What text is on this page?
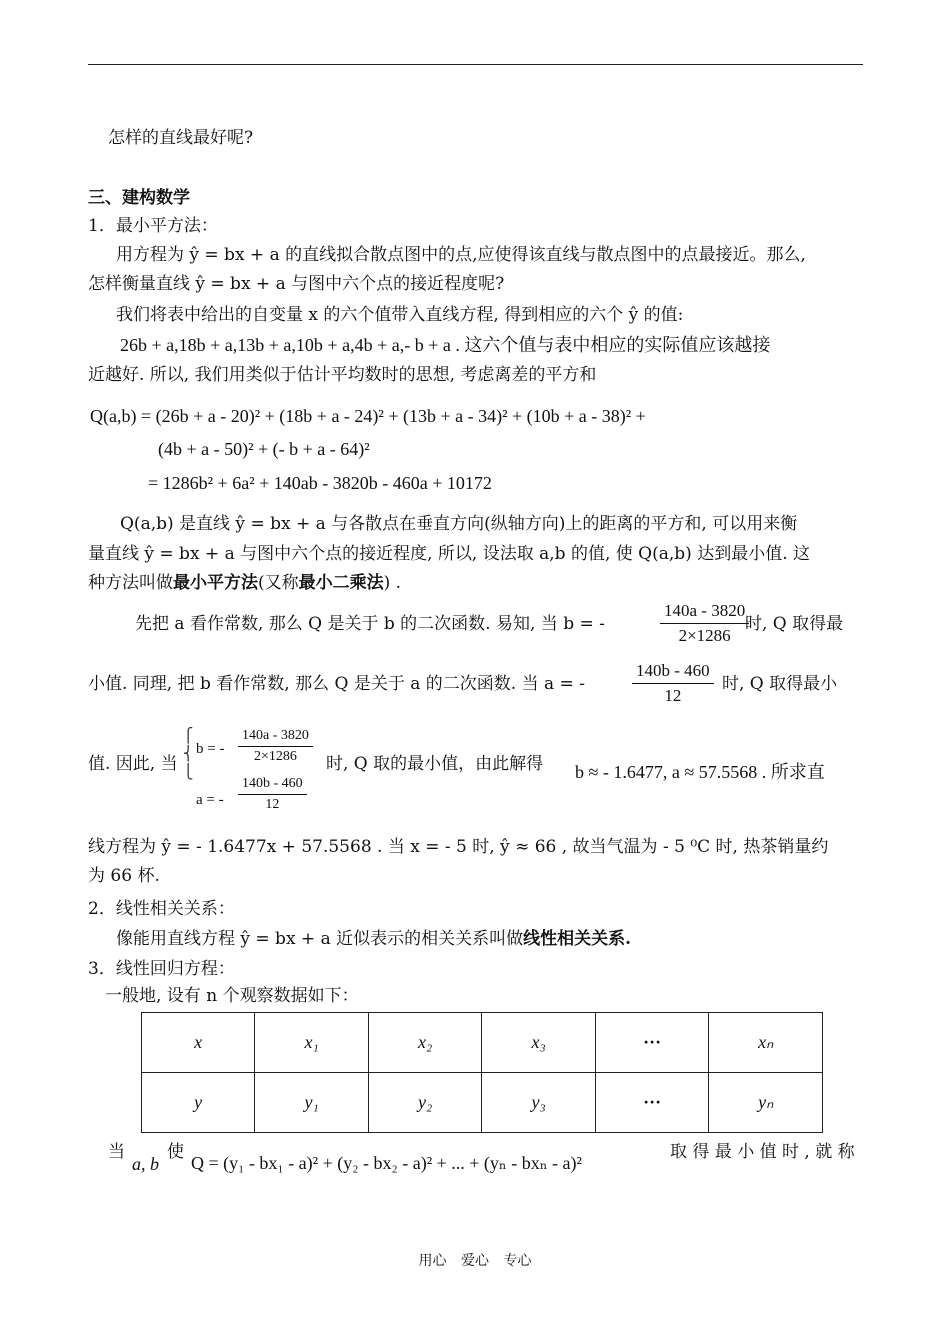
怎样的直线最好呢?
三、建构数学
1．最小平方法：
用方程为 ŷ = bx + a 的直线拟合散点图中的点,应使得该直线与散点图中的点最接近。那么,
怎样衡量直线 ŷ = bx + a 与图中六个点的接近程度呢?
我们将表中给出的自变量 x 的六个值带入直线方程, 得到相应的六个 ŷ 的值:
26b + a,18b + a,13b + a,10b + a,4b + a,- b + a . 这六个值与表中相应的实际值应该越接
近越好. 所以, 我们用类似于估计平均数时的思想, 考虑离差的平方和
Q(a,b) = (26b + a - 20)² + (18b + a - 24)² + (13b + a - 34)² + (10b + a - 38)² +
(4b + a - 50)² + (- b + a - 64)²
= 1286b² + 6a² + 140ab - 3820b - 460a + 10172
Q(a,b) 是直线 ŷ = bx + a 与各散点在垂直方向(纵轴方向)上的距离的平方和, 可以用来衡
量直线 ŷ = bx + a 与图中六个点的接近程度, 所以, 设法取 a,b 的值, 使 Q(a,b) 达到最小值. 这
种方法叫做最小平方法(又称最小二乘法) .
先把 a 看作常数, 那么 Q 是关于 b 的二次函数. 易知, 当 b = -	$\frac{140a - 3820}{2\times 1286}$
时, Q 取得最
小值. 同理, 把 b 看作常数, 那么 Q 是关于 a 的二次函数. 当 a = -	$\frac{140b - 460}{12}$ 时, Q 取得最小
值. 因此, 当
⎧
⎨
⎩
b = - $\frac{140a - 3820}{2\times 1286}$
a = - $\frac{140b - 460}{12}$
时, Q 取的最小值，由此解得 b ≈ - 1.6477, a ≈ 57.5568 . 所求直
线方程为 ŷ = - 1.6477x + 57.5568 . 当 x = - 5 时, ŷ ≈ 66 , 故当气温为 - 5 ⁰C 时, 热茶销量约
为 66 杯.
2．线性相关关系：
像能用直线方程 ŷ = bx + a 近似表示的相关关系叫做线性相关关系.
3．线性回归方程：
一般地, 设有 n 个观察数据如下：
x	x₁	x₂	x₃	···	xₙ
y	y₁	y₂	y₃	···	yₙ
当
a, b
使
Q = (y₁ - bx₁ - a)² + (y₂ - bx₂ - a)² + ... + (yₙ - bxₙ - a)²
取 得 最 小 值 时 , 就 称
用心 爱心 专心
